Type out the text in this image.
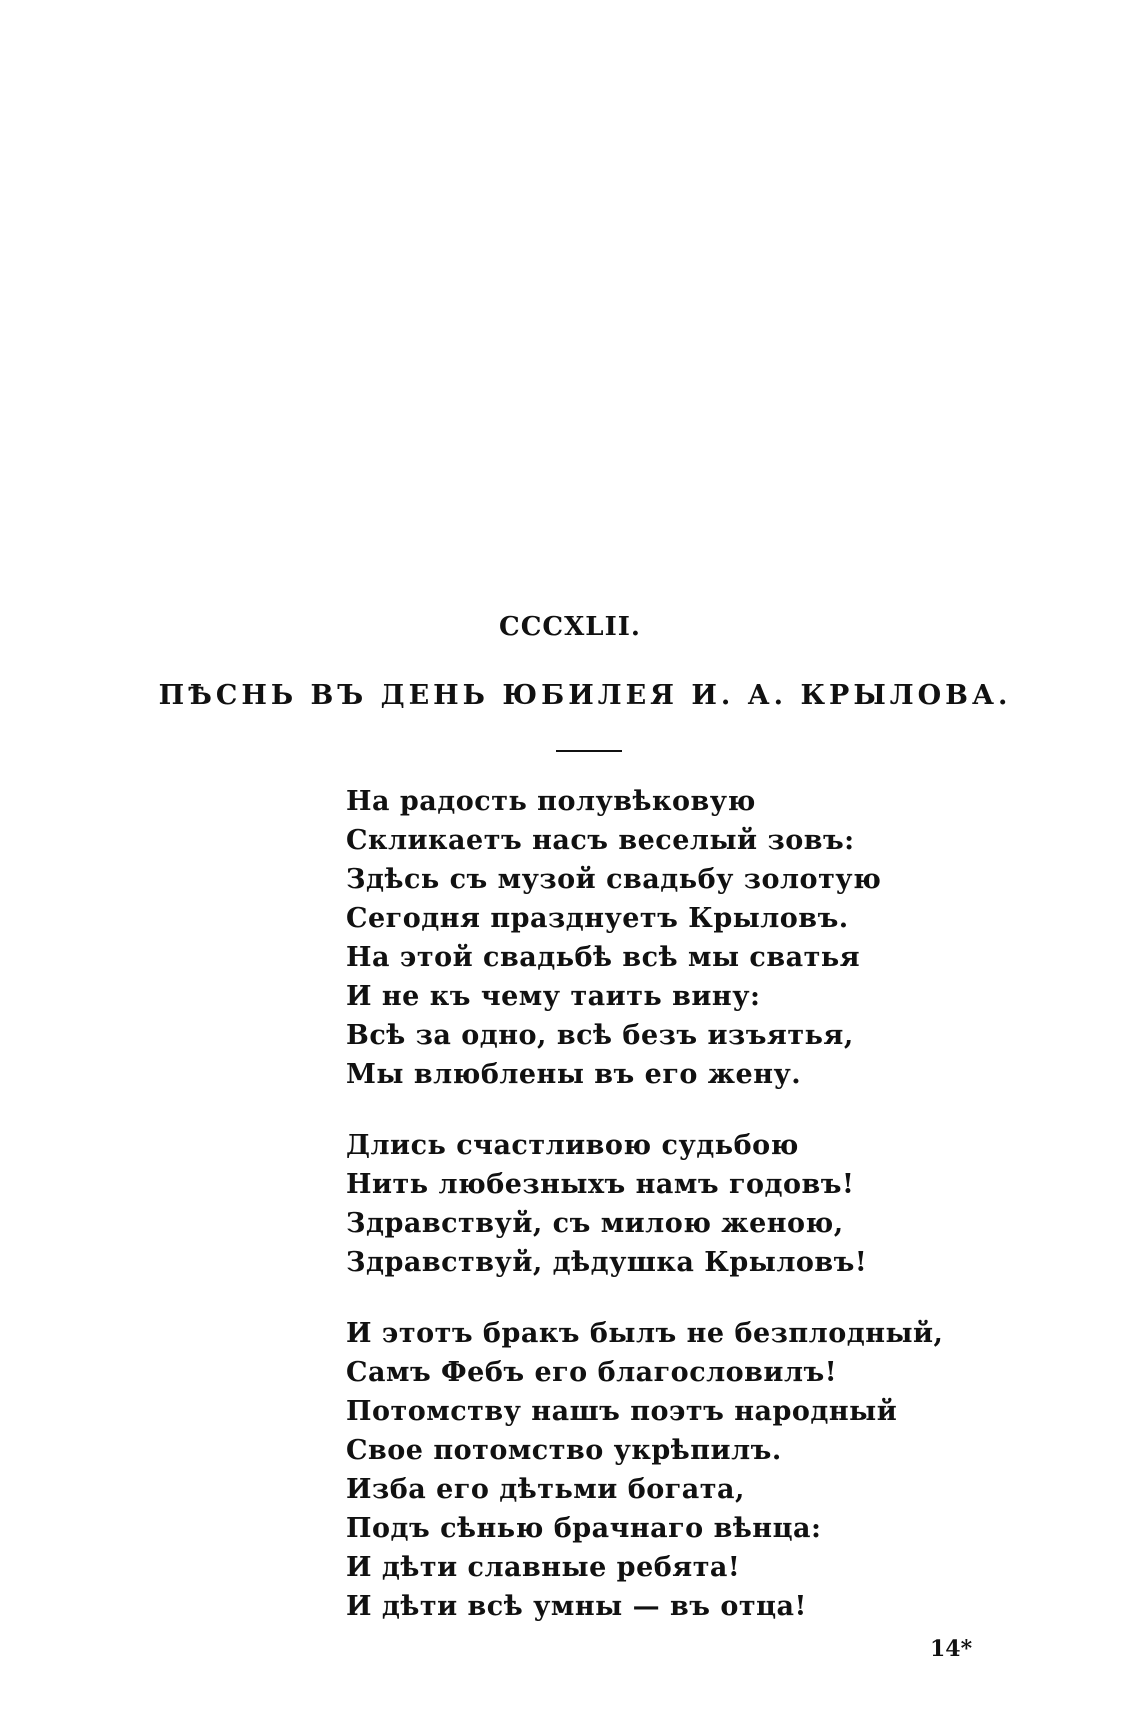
CCCXLII.
ПѢСНЬ ВЪ ДЕНЬ ЮБИЛЕЯ И. А. КРЫЛОВА.
На радость полувѣковую
Скликаетъ насъ веселый зовъ:
Здѣсь съ музой свадьбу золотую
Сегодня празднуетъ Крыловъ.
На этой свадьбѣ всѣ мы сватья
И не къ чему таить вину:
Всѣ за одно, всѣ безъ изъятья,
Мы влюблены въ его жену.
Длись счастливою судьбою
Нить любезныхъ намъ годовъ!
Здравствуй, съ милою женою,
Здравствуй, дѣдушка Крыловъ!
И этотъ бракъ былъ не безплодный,
Самъ Фебъ его благословилъ!
Потомству нашъ поэтъ народный
Свое потомство укрѣпилъ.
Изба его дѣтьми богата,
Подъ сѣнью брачнаго вѣнца:
И дѣти славные ребята!
И дѣти всѣ умны — въ отца!
14*
